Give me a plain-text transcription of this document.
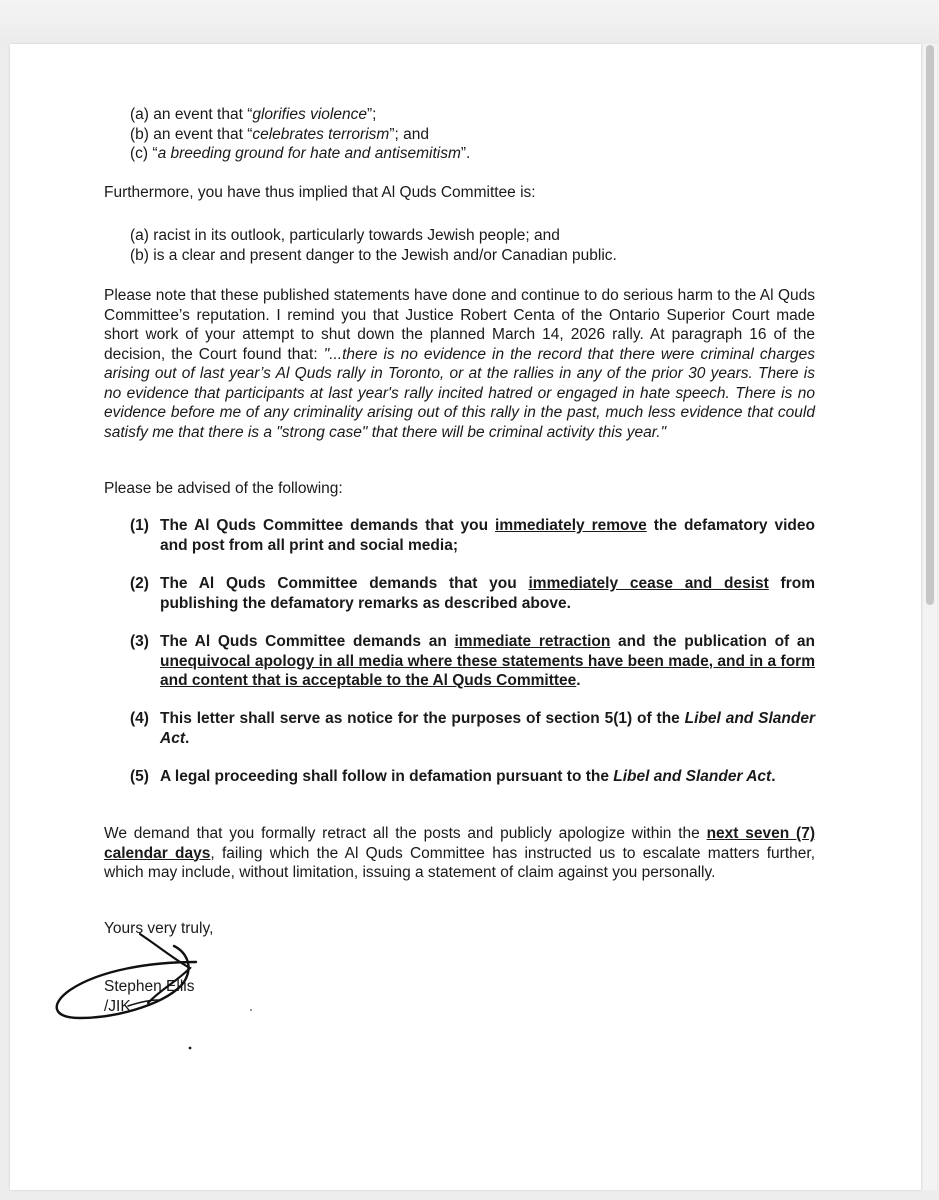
(a) an event that “glorifies violence”;
(b) an event that “celebrates terrorism”; and
(c) “a breeding ground for hate and antisemitism”.
Furthermore, you have thus implied that Al Quds Committee is:
(a) racist in its outlook, particularly towards Jewish people; and
(b) is a clear and present danger to the Jewish and/or Canadian public.
Please note that these published statements have done and continue to do serious harm to the Al Quds Committee’s reputation. I remind you that Justice Robert Centa of the Ontario Superior Court made short work of your attempt to shut down the planned March 14, 2026 rally. At paragraph 16 of the decision, the Court found that: "...there is no evidence in the record that there were criminal charges arising out of last year’s Al Quds rally in Toronto, or at the rallies in any of the prior 30 years. There is no evidence that participants at last year's rally incited hatred or engaged in hate speech. There is no evidence before me of any criminality arising out of this rally in the past, much less evidence that could satisfy me that there is a "strong case" that there will be criminal activity this year."
Please be advised of the following:
(1) The Al Quds Committee demands that you immediately remove the defamatory video and post from all print and social media;
(2) The Al Quds Committee demands that you immediately cease and desist from publishing the defamatory remarks as described above.
(3) The Al Quds Committee demands an immediate retraction and the publication of an unequivocal apology in all media where these statements have been made, and in a form and content that is acceptable to the Al Quds Committee.
(4) This letter shall serve as notice for the purposes of section 5(1) of the Libel and Slander Act.
(5) A legal proceeding shall follow in defamation pursuant to the Libel and Slander Act.
We demand that you formally retract all the posts and publicly apologize within the next seven (7) calendar days, failing which the Al Quds Committee has instructed us to escalate matters further, which may include, without limitation, issuing a statement of claim against you personally.
Yours very truly,
Stephen Ellis
/JIK
